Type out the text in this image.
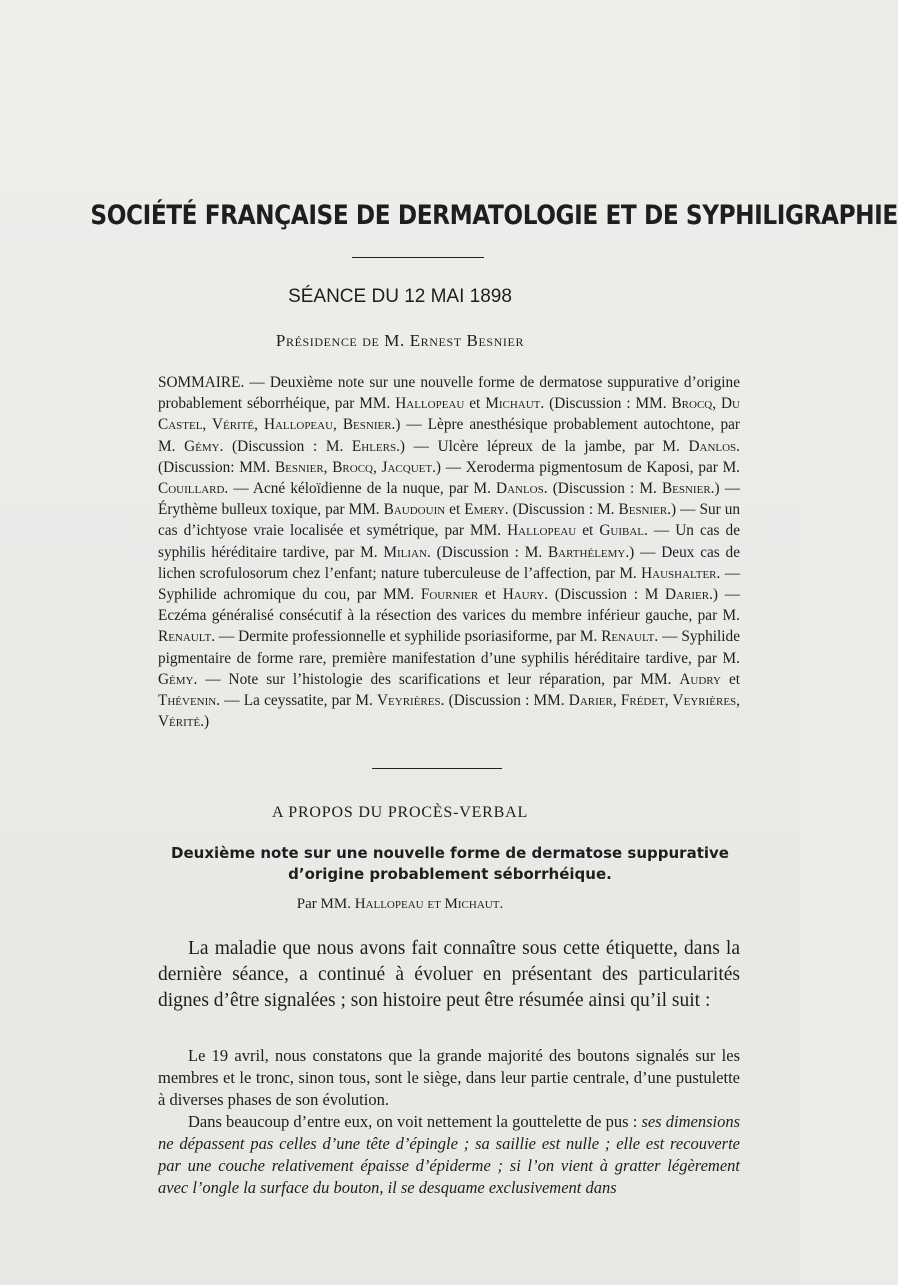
SOCIÉTÉ FRANÇAISE DE DERMATOLOGIE ET DE SYPHILIGRAPHIE
SÉANCE DU 12 MAI 1898
Présidence de M. Ernest Besnier
SOMMAIRE. — Deuxième note sur une nouvelle forme de dermatose suppurative d’origine probablement séborrhéique, par MM. Hallopeau et Michaut. (Discussion : MM. Brocq, Du Castel, Vérité, Hallopeau, Besnier.) — Lèpre anesthésique probablement autochtone, par M. Gémy. (Discussion : M. Ehlers.) — Ulcère lépreux de la jambe, par M. Danlos. (Discussion: MM. Besnier, Brocq, Jacquet.) — Xeroderma pigmentosum de Kaposi, par M. Couillard. — Acné kéloïdienne de la nuque, par M. Danlos. (Discussion : M. Besnier.) — Érythème bulleux toxique, par MM. Baudouin et Emery. (Discussion : M. Besnier.) — Sur un cas d’ichtyose vraie localisée et symétrique, par MM. Hallopeau et Guibal. — Un cas de syphilis héréditaire tardive, par M. Milian. (Discussion : M. Barthélemy.) — Deux cas de lichen scrofulosorum chez l’enfant; nature tuberculeuse de l’affection, par M. Haushalter. — Syphilide achromique du cou, par MM. Fournier et Haury. (Discussion : M Darier.) — Eczéma généralisé consécutif à la résection des varices du membre inférieur gauche, par M. Renault. — Dermite professionnelle et syphilide psoriasiforme, par M. Renault. — Syphilide pigmentaire de forme rare, première manifestation d’une syphilis héréditaire tardive, par M. Gémy. — Note sur l’histologie des scarifications et leur réparation, par MM. Audry et Thévenin. — La ceyssatite, par M. Veyrières. (Discussion : MM. Darier, Frédet, Veyrières, Vérité.)
A PROPOS DU PROCÈS-VERBAL
Deuxième note sur une nouvelle forme de dermatose suppurative d’origine probablement séborrhéique.
Par MM. Hallopeau et Michaut.
La maladie que nous avons fait connaître sous cette étiquette, dans la dernière séance, a continué à évoluer en présentant des particularités dignes d’être signalées ; son histoire peut être résumée ainsi qu’il suit :

Le 19 avril, nous constatons que la grande majorité des boutons signalés sur les membres et le tronc, sinon tous, sont le siège, dans leur partie centrale, d’une pustulette à diverses phases de son évolution.

Dans beaucoup d’entre eux, on voit nettement la gouttelette de pus : ses dimensions ne dépassent pas celles d’une tête d’épingle ; sa saillie est nulle ; elle est recouverte par une couche relativement épaisse d’épiderme ; si l’on vient à gratter légèrement avec l’ongle la surface du bouton, il se desquame exclusivement dans
